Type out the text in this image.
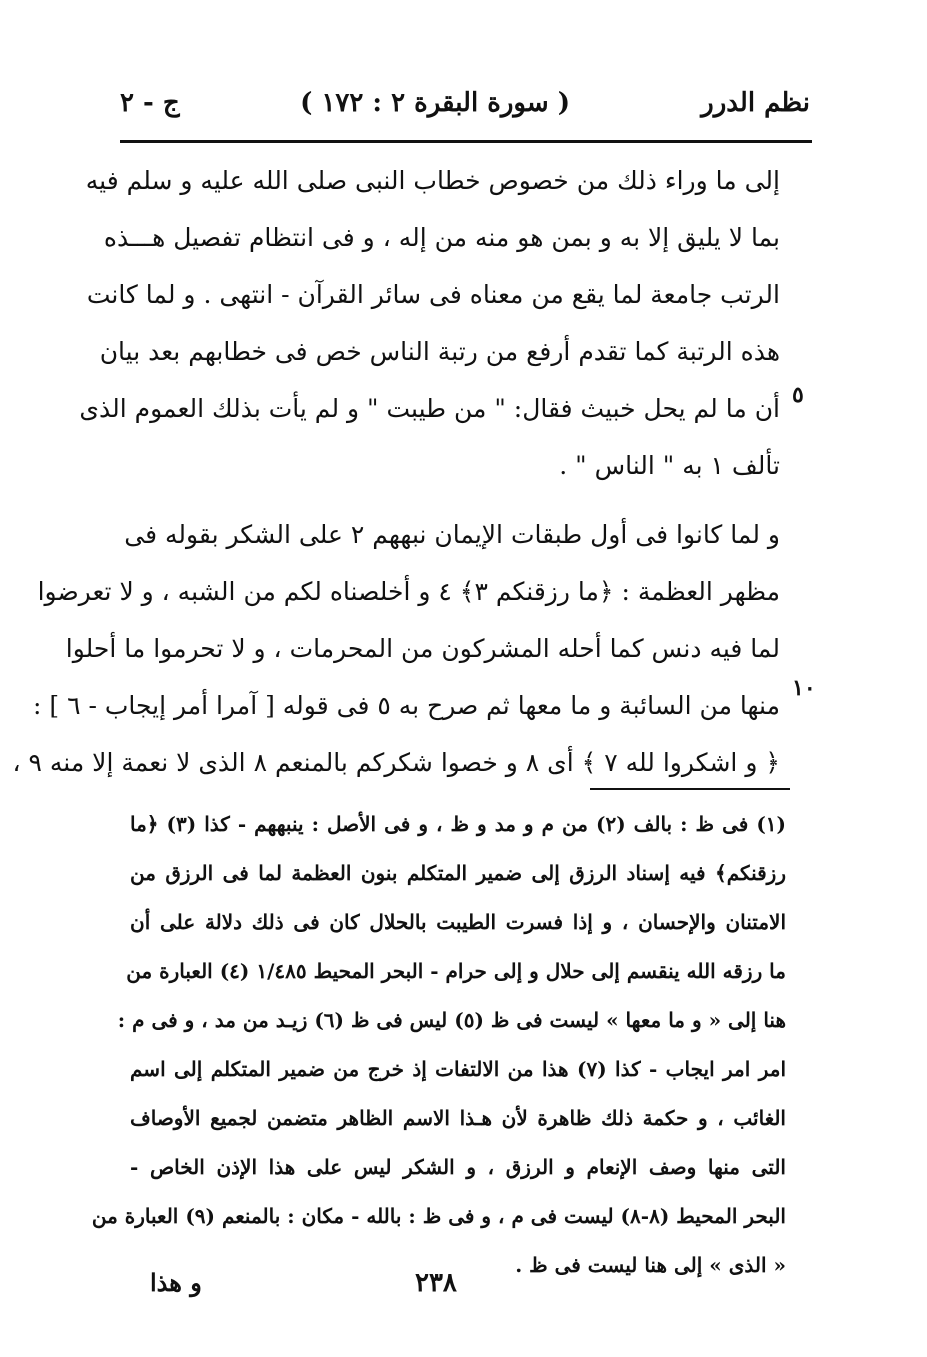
نظم الدرر
( سورة البقرة ٢ : ١٧٢ )
ج - ٢
إلى ما وراء ذلك من خصوص خطاب النبى صلى الله عليه و سلم فيه
بما لا يليق إلا به و بمن هو منه من إله ، و فى انتظام تفصيل هـــذه
الرتب جامعة لما يقع من معناه فى سائر القرآن - انتهى . و لما كانت
هذه الرتبة كما تقدم أرفع من رتبة الناس خص فى خطابهم بعد بيان
أن ما لم يحل خبيث فقال: " من طيبت " و لم يأت بذلك العموم الذى
تألف ١ به " الناس " .
و لما كانوا فى أول طبقات الإيمان نبههم ٢ على الشكر بقوله فى
مظهر العظمة : ﴿ما رزقنكم ٣﴾ ٤ و أخلصناه لكم من الشبه ، و لا تعرضوا
لما فيه دنس كما أحله المشركون من المحرمات ، و لا تحرموا ما أحلوا
منها من السائبة و ما معها ثم صرح به ٥ فى قوله [ آمرا أمر إيجاب - ٦ ] :
﴿ و اشكروا لله ٧ ﴾ أى ٨ و خصوا شكركم بالمنعم ٨ الذى لا نعمة إلا منه ٩ ،
٥
١٠
(١) فى ظ : بالف (٢) من م و مد و ظ ، و فى الأصل : ينبههم - كذا (٣) ﴿ما
رزقنكم﴾ فيه إسناد الرزق إلى ضمير المتكلم بنون العظمة لما فى الرزق من
الامتنان والإحسان ، و إذا فسرت الطيبت بالحلال كان فى ذلك دلالة على أن
ما رزقه الله ينقسم إلى حلال و إلى حرام - البحر المحيط ١/٤٨٥ (٤) العبارة من
هنا إلى « و ما معها » ليست فى ظ (٥) ليس فى ظ (٦) زيـد من مد ، و فى م :
امر امر ايجاب - كذا (٧) هذا من الالتفات إذ خرج من ضمير المتكلم إلى اسم
الغائب ، و حكمة ذلك ظاهرة لأن هـذا الاسم الظاهر متضمن لجميع الأوصاف
التى منها وصف الإنعام و الرزق ، و الشكر ليس على هذا الإذن الخاص -
البحر المحيط (٨-٨) ليست فى م ، و فى ظ : بالله - مكان : بالمنعم (٩) العبارة من
« الذى » إلى هنا ليست فى ظ .
٢٣٨
و هذا
